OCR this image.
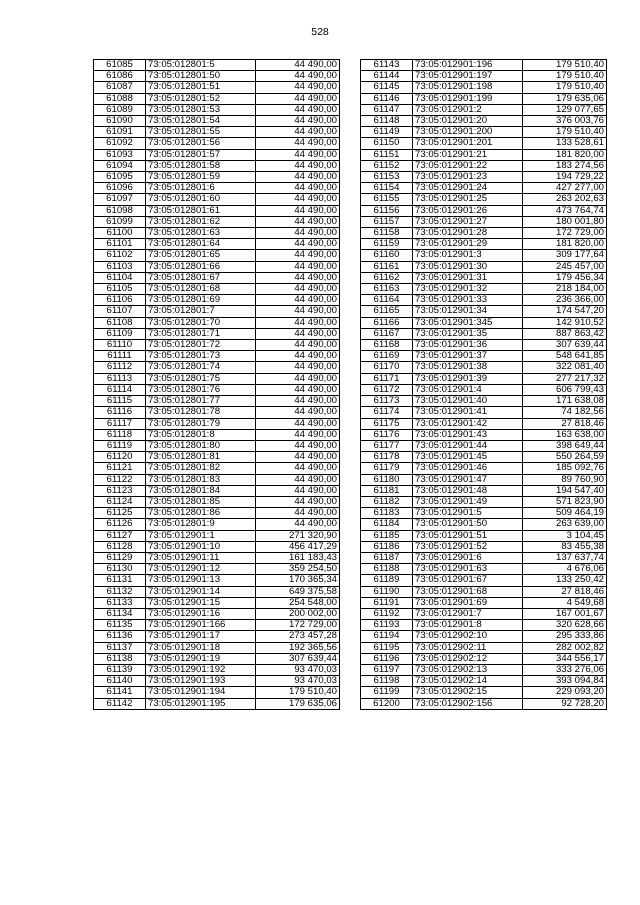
528
61085	73:05:012801:5	44 490,00
61086	73:05:012801:50	44 490,00
61087	73:05:012801:51	44 490,00
61088	73:05:012801:52	44 490,00
61089	73:05:012801:53	44 490,00
61090	73:05:012801:54	44 490,00
61091	73:05:012801:55	44 490,00
61092	73:05:012801:56	44 490,00
61093	73:05:012801:57	44 490,00
61094	73:05:012801:58	44 490,00
61095	73:05:012801:59	44 490,00
61096	73:05:012801:6	44 490,00
61097	73:05:012801:60	44 490,00
61098	73:05:012801:61	44 490,00
61099	73:05:012801:62	44 490,00
61100	73:05:012801:63	44 490,00
61101	73:05:012801:64	44 490,00
61102	73:05:012801:65	44 490,00
61103	73:05:012801:66	44 490,00
61104	73:05:012801:67	44 490,00
61105	73:05:012801:68	44 490,00
61106	73:05:012801:69	44 490,00
61107	73:05:012801:7	44 490,00
61108	73:05:012801:70	44 490,00
61109	73:05:012801:71	44 490,00
61110	73:05:012801:72	44 490,00
61111	73:05:012801:73	44 490,00
61112	73:05:012801:74	44 490,00
61113	73:05:012801:75	44 490,00
61114	73:05:012801:76	44 490,00
61115	73:05:012801:77	44 490,00
61116	73:05:012801:78	44 490,00
61117	73:05:012801:79	44 490,00
61118	73:05:012801:8	44 490,00
61119	73:05:012801:80	44 490,00
61120	73:05:012801:81	44 490,00
61121	73:05:012801:82	44 490,00
61122	73:05:012801:83	44 490,00
61123	73:05:012801:84	44 490,00
61124	73:05:012801:85	44 490,00
61125	73:05:012801:86	44 490,00
61126	73:05:012801:9	44 490,00
61127	73:05:012901:1	271 320,90
61128	73:05:012901:10	456 417,29
61129	73:05:012901:11	161 183,43
61130	73:05:012901:12	359 254,50
61131	73:05:012901:13	170 365,34
61132	73:05:012901:14	649 375,58
61133	73:05:012901:15	254 548,00
61134	73:05:012901:16	200 002,00
61135	73:05:012901:166	172 729,00
61136	73:05:012901:17	273 457,28
61137	73:05:012901:18	192 365,56
61138	73:05:012901:19	307 639,44
61139	73:05:012901:192	93 470,03
61140	73:05:012901:193	93 470,03
61141	73:05:012901:194	179 510,40
61142	73:05:012901:195	179 635,06
61143	73:05:012901:196	179 510,40
61144	73:05:012901:197	179 510,40
61145	73:05:012901:198	179 510,40
61146	73:05:012901:199	179 635,06
61147	73:05:012901:2	129 077,65
61148	73:05:012901:20	376 003,76
61149	73:05:012901:200	179 510,40
61150	73:05:012901:201	133 528,61
61151	73:05:012901:21	181 820,00
61152	73:05:012901:22	183 274,56
61153	73:05:012901:23	194 729,22
61154	73:05:012901:24	427 277,00
61155	73:05:012901:25	263 202,63
61156	73:05:012901:26	473 764,74
61157	73:05:012901:27	180 001,80
61158	73:05:012901:28	172 729,00
61159	73:05:012901:29	181 820,00
61160	73:05:012901:3	309 177,64
61161	73:05:012901:30	245 457,00
61162	73:05:012901:31	179 456,34
61163	73:05:012901:32	218 184,00
61164	73:05:012901:33	236 366,00
61165	73:05:012901:34	174 547,20
61166	73:05:012901:345	142 910,52
61167	73:05:012901:35	887 863,42
61168	73:05:012901:36	307 639,44
61169	73:05:012901:37	548 641,85
61170	73:05:012901:38	322 081,40
61171	73:05:012901:39	277 217,32
61172	73:05:012901:4	606 799,43
61173	73:05:012901:40	171 638,08
61174	73:05:012901:41	74 182,56
61175	73:05:012901:42	27 818,46
61176	73:05:012901:43	163 638,00
61177	73:05:012901:44	398 649,44
61178	73:05:012901:45	550 264,59
61179	73:05:012901:46	185 092,76
61180	73:05:012901:47	89 760,90
61181	73:05:012901:48	194 547,40
61182	73:05:012901:49	571 823,90
61183	73:05:012901:5	509 464,19
61184	73:05:012901:50	263 639,00
61185	73:05:012901:51	3 104,45
61186	73:05:012901:52	83 455,38
61187	73:05:012901:6	137 637,74
61188	73:05:012901:63	4 676,06
61189	73:05:012901:67	133 250,42
61190	73:05:012901:68	27 818,46
61191	73:05:012901:69	4 549,68
61192	73:05:012901:7	167 001,67
61193	73:05:012901:8	320 628,66
61194	73:05:012902:10	295 333,86
61195	73:05:012902:11	282 002,82
61196	73:05:012902:12	344 556,17
61197	73:05:012902:13	333 276,06
61198	73:05:012902:14	393 094,84
61199	73:05:012902:15	229 093,20
61200	73:05:012902:156	92 728,20
